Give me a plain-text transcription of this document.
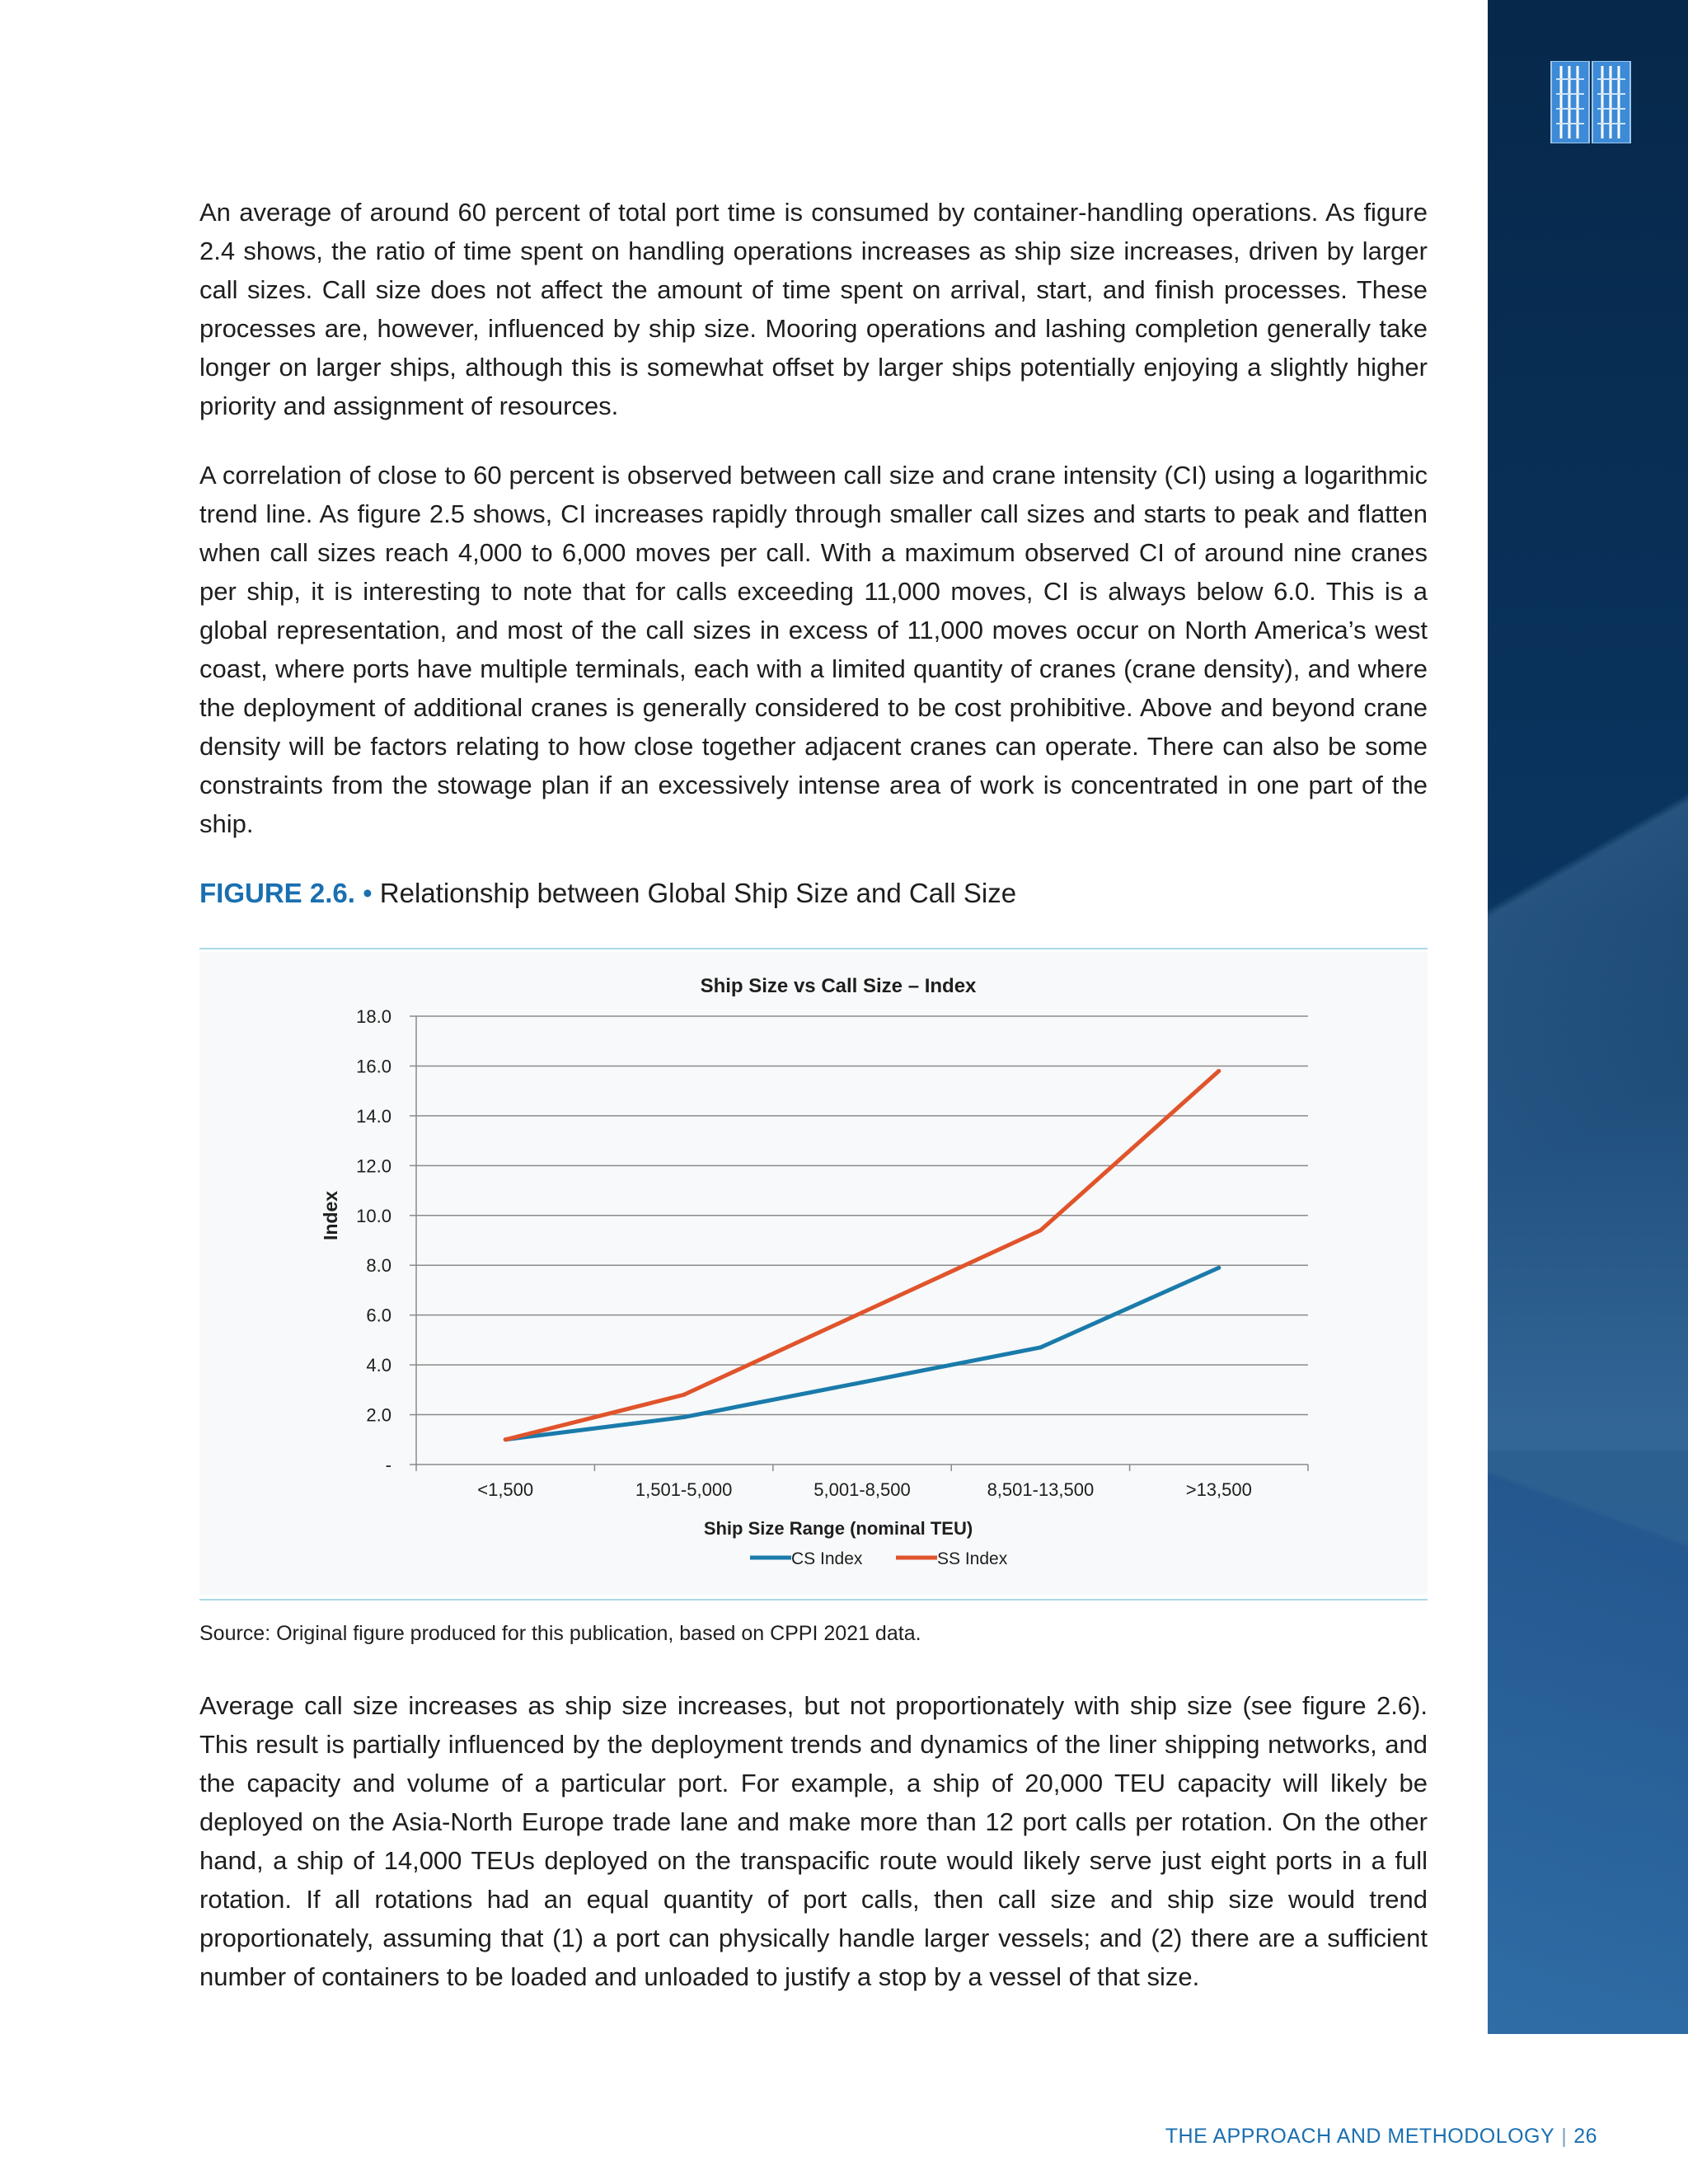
An average of around 60 percent of total port time is consumed by container-handling operations. As figure 2.4 shows, the ratio of time spent on handling operations increases as ship size increases, driven by larger call sizes. Call size does not affect the amount of time spent on arrival, start, and finish processes. These processes are, however, influenced by ship size. Mooring operations and lashing completion generally take longer on larger ships, although this is somewhat offset by larger ships potentially enjoying a slightly higher priority and assignment of resources.

A correlation of close to 60 percent is observed between call size and crane intensity (CI) using a logarithmic trend line. As figure 2.5 shows, CI increases rapidly through smaller call sizes and starts to peak and flatten when call sizes reach 4,000 to 6,000 moves per call. With a maximum observed CI of around nine cranes per ship, it is interesting to note that for calls exceeding 11,000 moves, CI is always below 6.0. This is a global representation, and most of the call sizes in excess of 11,000 moves occur on North America’s west coast, where ports have multiple terminals, each with a limited quantity of cranes (crane density), and where the deployment of additional cranes is generally considered to be cost prohibitive. Above and beyond crane density will be factors relating to how close together adjacent cranes can operate. There can also be some constraints from the stowage plan if an excessively intense area of work is concentrated in one part of the ship.

FIGURE 2.6. • Relationship between Global Ship Size and Call Size
Ship Size vs Call Size – Index
-
2.0
4.0
6.0
8.0
10.0
12.0
14.0
16.0
18.0
<1,500	1,501-5,000	5,001-8,500	8,501-13,500	>13,500
Index
Ship Size Range (nominal TEU)
CS Index	SS Index
Source: Original figure produced for this publication, based on CPPI 2021 data.

Average call size increases as ship size increases, but not proportionately with ship size (see figure 2.6). This result is partially influenced by the deployment trends and dynamics of the liner shipping networks, and the capacity and volume of a particular port. For example, a ship of 20,000 TEU capacity will likely be deployed on the Asia-North Europe trade lane and make more than 12 port calls per rotation. On the other hand, a ship of 14,000 TEUs deployed on the transpacific route would likely serve just eight ports in a full rotation. If all rotations had an equal quantity of port calls, then call size and ship size would trend proportionately, assuming that (1) a port can physically handle larger vessels; and (2) there are a sufficient number of containers to be loaded and unloaded to justify a stop by a vessel of that size.

THE APPROACH AND METHODOLOGY | 26
